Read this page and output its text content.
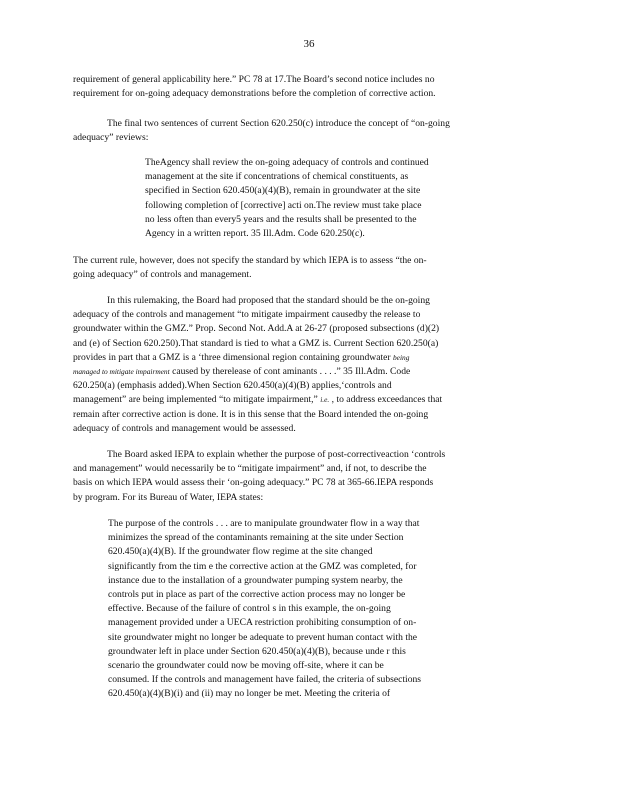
36
requirement of general applicability here.” PC 78 at 17.The Board’s second notice includes no
requirement for on-going adequacy demonstrations before the completion of corrective action.
The final two sentences of current Section 620.250(c) introduce the concept of “on-going
adequacy” reviews:
TheAgency shall review the on-going adequacy of controls and continued
management at the site if concentrations of chemical constituents, as
specified in Section 620.450(a)(4)(B), remain in groundwater at the site
following completion of [corrective] acti on.The review must take place
no less often than every5 years and the results shall be presented to the
Agency in a written report. 35 Ill.Adm. Code 620.250(c).
The current rule, however, does not specify the standard by which IEPA is to assess “the on-
going adequacy” of controls and management.
In this rulemaking, the Board had proposed that the standard should be the on-going
adequacy of the controls and management “to mitigate impairment causedby the release to
groundwater within the GMZ.” Prop. Second Not. Add.A at 26-27 (proposed subsections (d)(2)
and (e) of Section 620.250).That standard is tied to what a GMZ is. Current Section 620.250(a)
provides in part that a GMZ is a ‘three dimensional region containing groundwater being
managed to mitigate impairment caused by therelease of cont aminants . . . .” 35 Ill.Adm. Code
620.250(a) (emphasis added).When Section 620.450(a)(4)(B) applies,‘controls and
management” are being implemented “to mitigate impairment,” i.e. , to address exceedances that
remain after corrective action is done. It is in this sense that the Board intended the on-going
adequacy of controls and management would be assessed.
The Board asked IEPA to explain whether the purpose of post-correctiveaction ‘controls
and management” would necessarily be to “mitigate impairment” and, if not, to describe the
basis on which IEPA would assess their ‘on-going adequacy.” PC 78 at 365-66.IEPA responds
by program. For its Bureau of Water, IEPA states:
The purpose of the controls . . . are to manipulate groundwater flow in a way that
minimizes the spread of the contaminants remaining at the site under Section
620.450(a)(4)(B). If the groundwater flow regime at the site changed
significantly from the tim e the corrective action at the GMZ was completed, for
instance due to the installation of a groundwater pumping system nearby, the
controls put in place as part of the corrective action process may no longer be
effective. Because of the failure of control s in this example, the on-going
management provided under a UECA restriction prohibiting consumption of on-
site groundwater might no longer be adequate to prevent human contact with the
groundwater left in place under Section 620.450(a)(4)(B), because unde r this
scenario the groundwater could now be moving off-site, where it can be
consumed. If the controls and management have failed, the criteria of subsections
620.450(a)(4)(B)(i) and (ii) may no longer be met. Meeting the criteria of
